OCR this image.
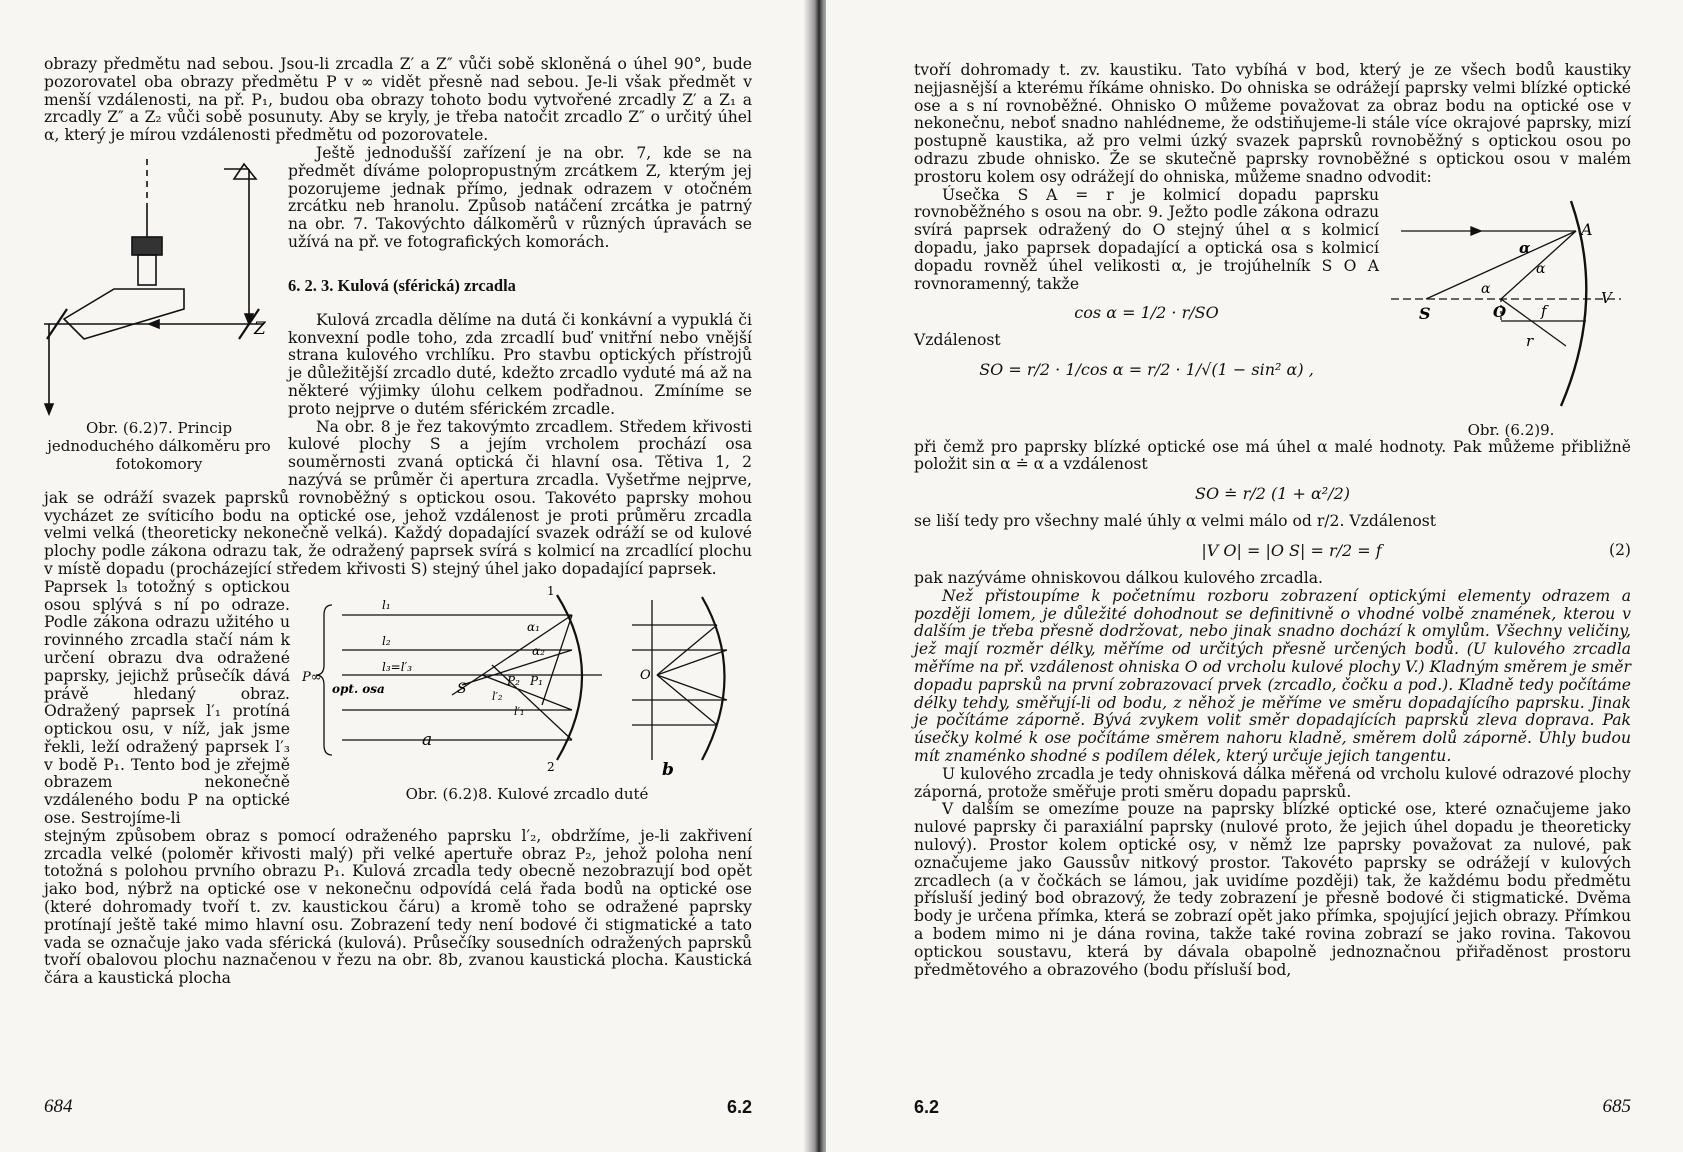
obrazy předmětu nad sebou. Jsou-li zrcadla Z′ a Z″ vůči sobě skloněná o úhel 90°, bude pozorovatel oba obrazy předmětu P v ∞ vidět přesně nad sebou. Je-li však předmět v menší vzdálenosti, na př. P₁, budou oba obrazy tohoto bodu vytvořené zrcadly Z′ a Z₁ a zrcadly Z″ a Z₂ vůči sobě posunuty. Aby se kryly, je třeba natočit zrcadlo Z″ o určitý úhel α, který je mírou vzdálenosti předmětu od pozorovatele.

Z
Obr. (6.2)7. Princip jednoduchého dálkoměru pro fotokomory

Ještě jednodušší zařízení je na obr. 7, kde se na předmět díváme polopropustným zrcátkem Z, kterým jej pozorujeme jednak přímo, jednak odrazem v otočném zrcátku neb hranolu. Způsob natáčení zrcátka je patrný na obr. 7. Takovýchto dálkoměrů v různých úpravách se užívá na př. ve fotografických komorách.

6. 2. 3. Kulová (sférická) zrcadla

Kulová zrcadla dělíme na dutá či konkávní a vypuklá či konvexní podle toho, zda zrcadlí buď vnitřní nebo vnější strana kulového vrchlíku. Pro stavbu optických přístrojů je důležitější zrcadlo duté, kdežto zrcadlo vyduté má až na některé výjimky úlohu celkem podřadnou. Zmíníme se proto nejprve o dutém sférickém zrcadle.

Na obr. 8 je řez takovýmto zrcadlem. Středem křivosti kulové plochy S a jejím vrcholem prochází osa souměrnosti zvaná optická či hlavní osa. Tětiva 1, 2 nazývá se průměr či apertura zrcadla. Vyšetřme nejprve, jak se odráží svazek paprsků rovnoběžný s optickou osou. Takovéto paprsky mohou vycházet ze svíticího bodu na optické ose, jehož vzdálenost je proti průměru zrcadla velmi velká (theoreticky nekonečně velká). Každý dopadající svazek odráží se od kulové plochy podle zákona odrazu tak, že odražený paprsek svírá s kolmicí na zrcadlící plochu v místě dopadu (procházející středem křivosti S) stejný úhel jako dopadající paprsek.

l₁
l₂
l₃=l′₃
P∞
opt. osa	S	P₂ P₁
1
2
α₁
α₂
l′₂
l′₁
O
a
b
Obr. (6.2)8. Kulové zrcadlo duté

Paprsek l₃ totožný s optickou osou splývá s ní po odraze. Podle zákona odrazu užitého u rovinného zrcadla stačí nám k určení obrazu dva odražené paprsky, jejichž průsečík dává právě hledaný obraz. Odražený paprsek l′₁ protíná optickou osu, v níž, jak jsme řekli, leží odražený paprsek l′₃ v bodě P₁. Tento bod je zřejmě obrazem nekonečně vzdáleného bodu P na optické ose. Sestrojíme-li

stejným způsobem obraz s pomocí odraženého paprsku l′₂, obdržíme, je-li zakřivení zrcadla velké (poloměr křivosti malý) při velké apertuře obraz P₂, jehož poloha není totožná s polohou prvního obrazu P₁. Kulová zrcadla tedy obecně nezobrazují bod opět jako bod, nýbrž na optické ose v nekonečnu odpovídá celá řada bodů na optické ose (které dohromady tvoří t. zv. kaustickou čáru) a kromě toho se odražené paprsky protínají ještě také mimo hlavní osu. Zobrazení tedy není bodové či stigmatické a tato vada se označuje jako vada sférická (kulová). Průsečíky sousedních odražených paprsků tvoří obalovou plochu naznačenou v řezu na obr. 8b, zvanou kaustická plocha. Kaustická čára a kaustická plocha

684	6.2

tvoří dohromady t. zv. kaustiku. Tato vybíhá v bod, který je ze všech bodů kaustiky nejjasnější a kterému říkáme ohnisko. Do ohniska se odrážejí paprsky velmi blízké optické ose a s ní rovnoběžné. Ohnisko O můžeme považovat za obraz bodu na optické ose v nekonečnu, neboť snadno nahlédneme, že odstiňujeme-li stále více okrajové paprsky, mizí postupně kaustika, až pro velmi úzký svazek paprsků rovnoběžný s optickou osou po odrazu zbude ohnisko. Že se skutečně paprsky rovnoběžné s optickou osou v malém prostoru kolem osy odrážejí do ohniska, můžeme snadno odvodit:

A
S	O
V
α
α
α
f
r
Obr. (6.2)9.

Úsečka S A = r je kolmicí dopadu paprsku rovnoběžného s osou na obr. 9. Ježto podle zákona odrazu svírá paprsek odražený do O stejný úhel α s kolmicí dopadu, jako paprsek dopadající a optická osa s kolmicí dopadu rovněž úhel velikosti α, je trojúhelník S O A rovnoramenný, takže

cos α = 1/2 · r/SO
Vzdálenost
SO = r/2 · 1/cos α = r/2 · 1/√(1 − sin² α) ,

při čemž pro paprsky blízké optické ose má úhel α malé hodnoty. Pak můžeme přibližně položit sin α ≐ α a vzdálenost

SO ≐ r/2 (1 + α²/2)

se liší tedy pro všechny malé úhly α velmi málo od r/2. Vzdálenost

|V O| = |O S| = r/2 = f	(2)

pak nazýváme ohniskovou dálkou kulového zrcadla.

Než přistoupíme k početnímu rozboru zobrazení optickými elementy odrazem a později lomem, je důležité dohodnout se definitivně o vhodné volbě znamének, kterou v dalším je třeba přesně dodržovat, nebo jinak snadno dochází k omylům. Všechny veličiny, jež mají rozměr délky, měříme od určitých přesně určených bodů. (U kulového zrcadla měříme na př. vzdálenost ohniska O od vrcholu kulové plochy V.) Kladným směrem je směr dopadu paprsků na první zobrazovací prvek (zrcadlo, čočku a pod.). Kladně tedy počítáme délky tehdy, směřují-li od bodu, z něhož je měříme ve směru dopadajícího paprsku. Jinak je počítáme záporně. Bývá zvykem volit směr dopadajících paprsků zleva doprava. Pak úsečky kolmé k ose počítáme směrem nahoru kladně, směrem dolů záporně. Úhly budou mít znaménko shodné s podílem délek, který určuje jejich tangentu.

U kulového zrcadla je tedy ohnisková dálka měřená od vrcholu kulové odrazové plochy záporná, protože směřuje proti směru dopadu paprsků.

V dalším se omezíme pouze na paprsky blízké optické ose, které označujeme jako nulové paprsky či paraxiální paprsky (nulové proto, že jejich úhel dopadu je theoreticky nulový). Prostor kolem optické osy, v němž lze paprsky považovat za nulové, pak označujeme jako Gaussův nitkový prostor. Takovéto paprsky se odrážejí v kulových zrcadlech (a v čočkách se lámou, jak uvidíme později) tak, že každému bodu předmětu přísluší jediný bod obrazový, že tedy zobrazení je přesně bodové či stigmatické. Dvěma body je určena přímka, která se zobrazí opět jako přímka, spojující jejich obrazy. Přímkou a bodem mimo ni je dána rovina, takže také rovina zobrazí se jako rovina. Takovou optickou soustavu, která by dávala obapolně jednoznačnou přiřaděnost prostoru předmětového a obrazového (bodu přísluší bod,

6.2	685
